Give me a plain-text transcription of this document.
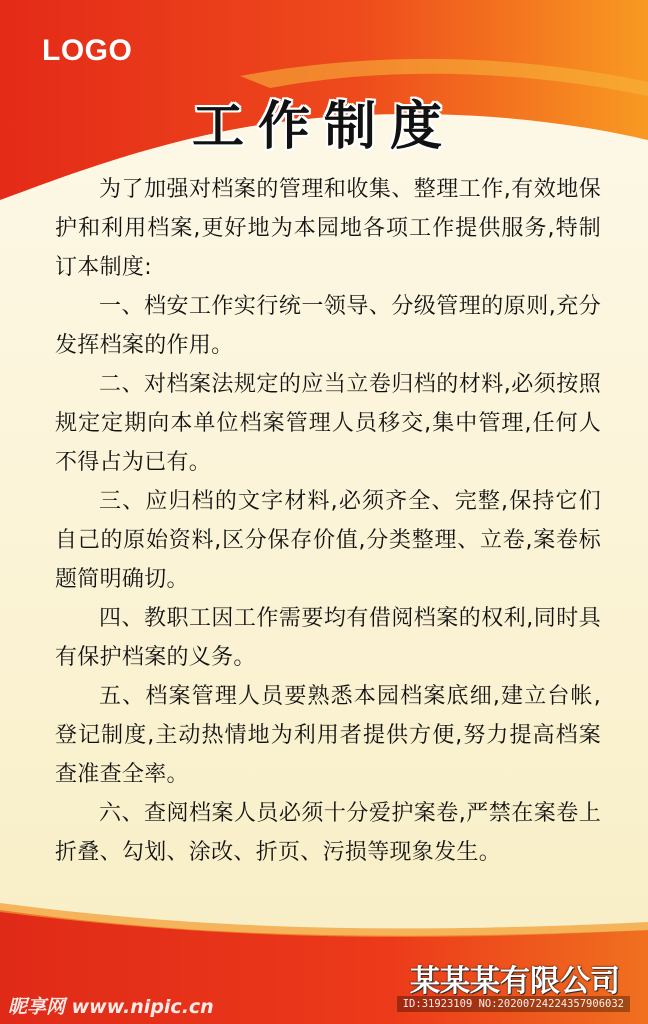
LOGO
工作制度

为了加强对档案的管理和收集、整理工作,有效地保护和利用档案,更好地为本园地各项工作提供服务,特制订本制度:

一、档安工作实行统一领导、分级管理的原则,充分发挥档案的作用。

二、对档案法规定的应当立卷归档的材料,必须按照规定定期向本单位档案管理人员移交,集中管理,任何人不得占为已有。

三、应归档的文字材料,必须齐全、完整,保持它们自己的原始资料,区分保存价值,分类整理、立卷,案卷标题简明确切。

四、教职工因工作需要均有借阅档案的权利,同时具有保护档案的义务。

五、档案管理人员要熟悉本园档案底细,建立台帐,登记制度,主动热情地为利用者提供方便,努力提高档案查准查全率。

六、查阅档案人员必须十分爱护案卷,严禁在案卷上折叠、勾划、涂改、折页、污损等现象发生。

某某某有限公司
昵享网 www.nipic.cn	ID:31923109 NO:20200724224357906032
